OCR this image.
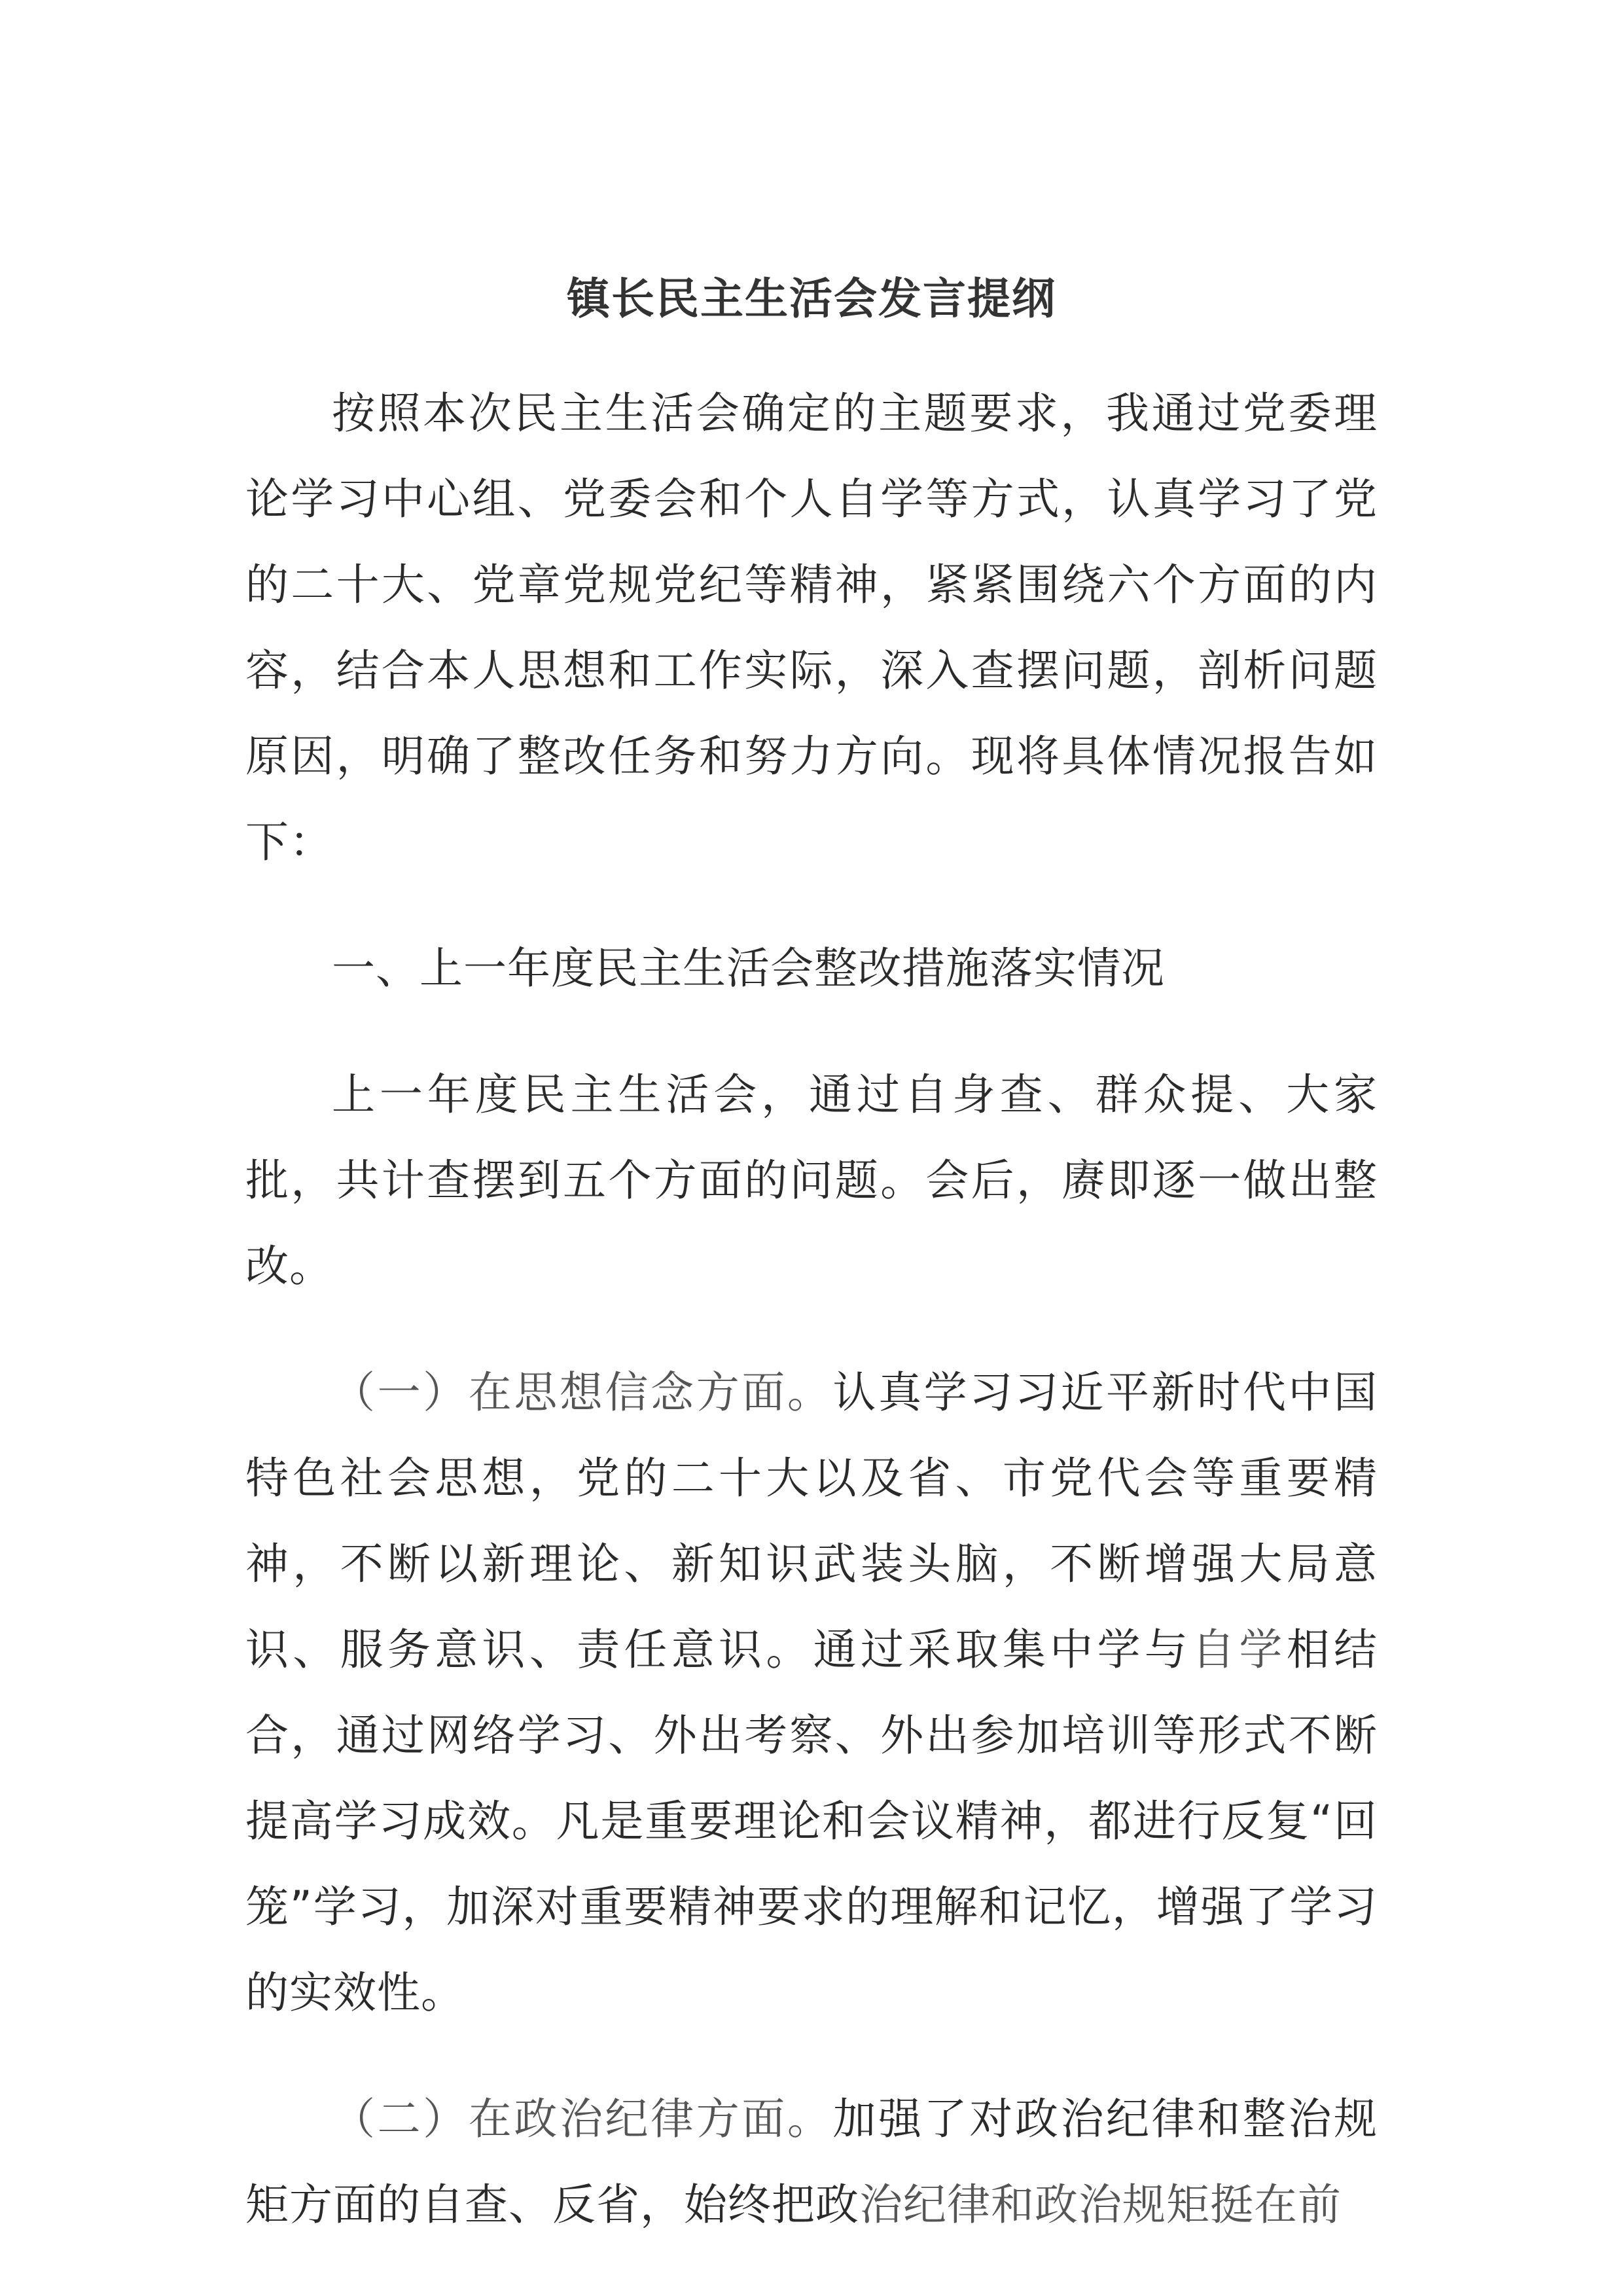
镇长民主生活会发言提纲

按照本次民主生活会确定的主题要求，我通过党委理论学习中心组、党委会和个人自学等方式，认真学习了党的二十大、党章党规党纪等精神，紧紧围绕六个方面的内容，结合本人思想和工作实际，深入查摆问题，剖析问题原因，明确了整改任务和努力方向。现将具体情况报告如下：

一、上一年度民主生活会整改措施落实情况

上一年度民主生活会，通过自身查、群众提、大家批，共计查摆到五个方面的问题。会后，赓即逐一做出整改。

（一）在思想信念方面。认真学习习近平新时代中国特色社会思想，党的二十大以及省、市党代会等重要精神，不断以新理论、新知识武装头脑，不断增强大局意识、服务意识、责任意识。通过采取集中学与自学相结合，通过网络学习、外出考察、外出参加培训等形式不断提高学习成效。凡是重要理论和会议精神，都进行反复“回笼”学习，加深对重要精神要求的理解和记忆，增强了学习的实效性。

（二）在政治纪律方面。加强了对政治纪律和整治规矩方面的自查、反省，始终把政治纪律和政治规矩挺在前
